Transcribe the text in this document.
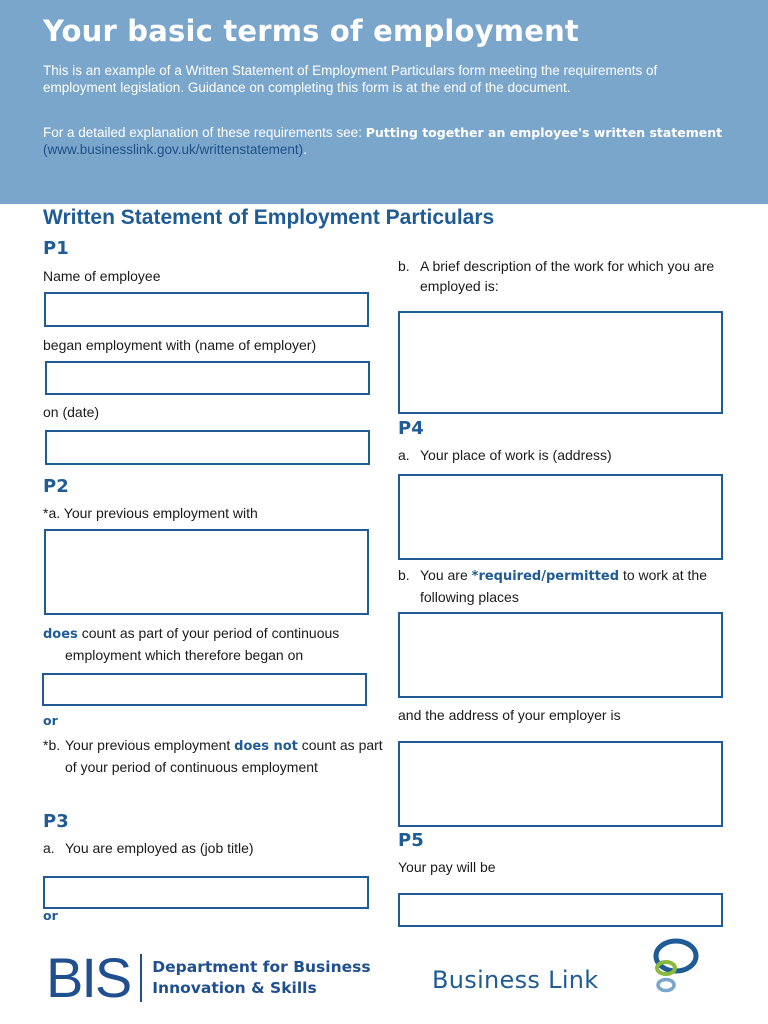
Your basic terms of employment

This is an example of a Written Statement of Employment Particulars form meeting the requirements of employment legislation. Guidance on completing this form is at the end of the document.

For a detailed explanation of these requirements see: Putting together an employee's written statement (www.businesslink.gov.uk/writtenstatement).

Written Statement of Employment Particulars
P1

Name of employee

began employment with (name of employer)

on (date)

P2

*a. Your previous employment with

does count as part of your period of continuous employment which therefore began on

or

*b. Your previous employment does not count as part of your period of continuous employment

P3

a. You are employed as (job title)

or

b. A brief description of the work for which you are employed is:

P4

a. Your place of work is (address)

b. You are *required/permitted to work at the following places

and the address of your employer is

P5

Your pay will be

BIS Department for Business
Innovation & Skills	Business Link
